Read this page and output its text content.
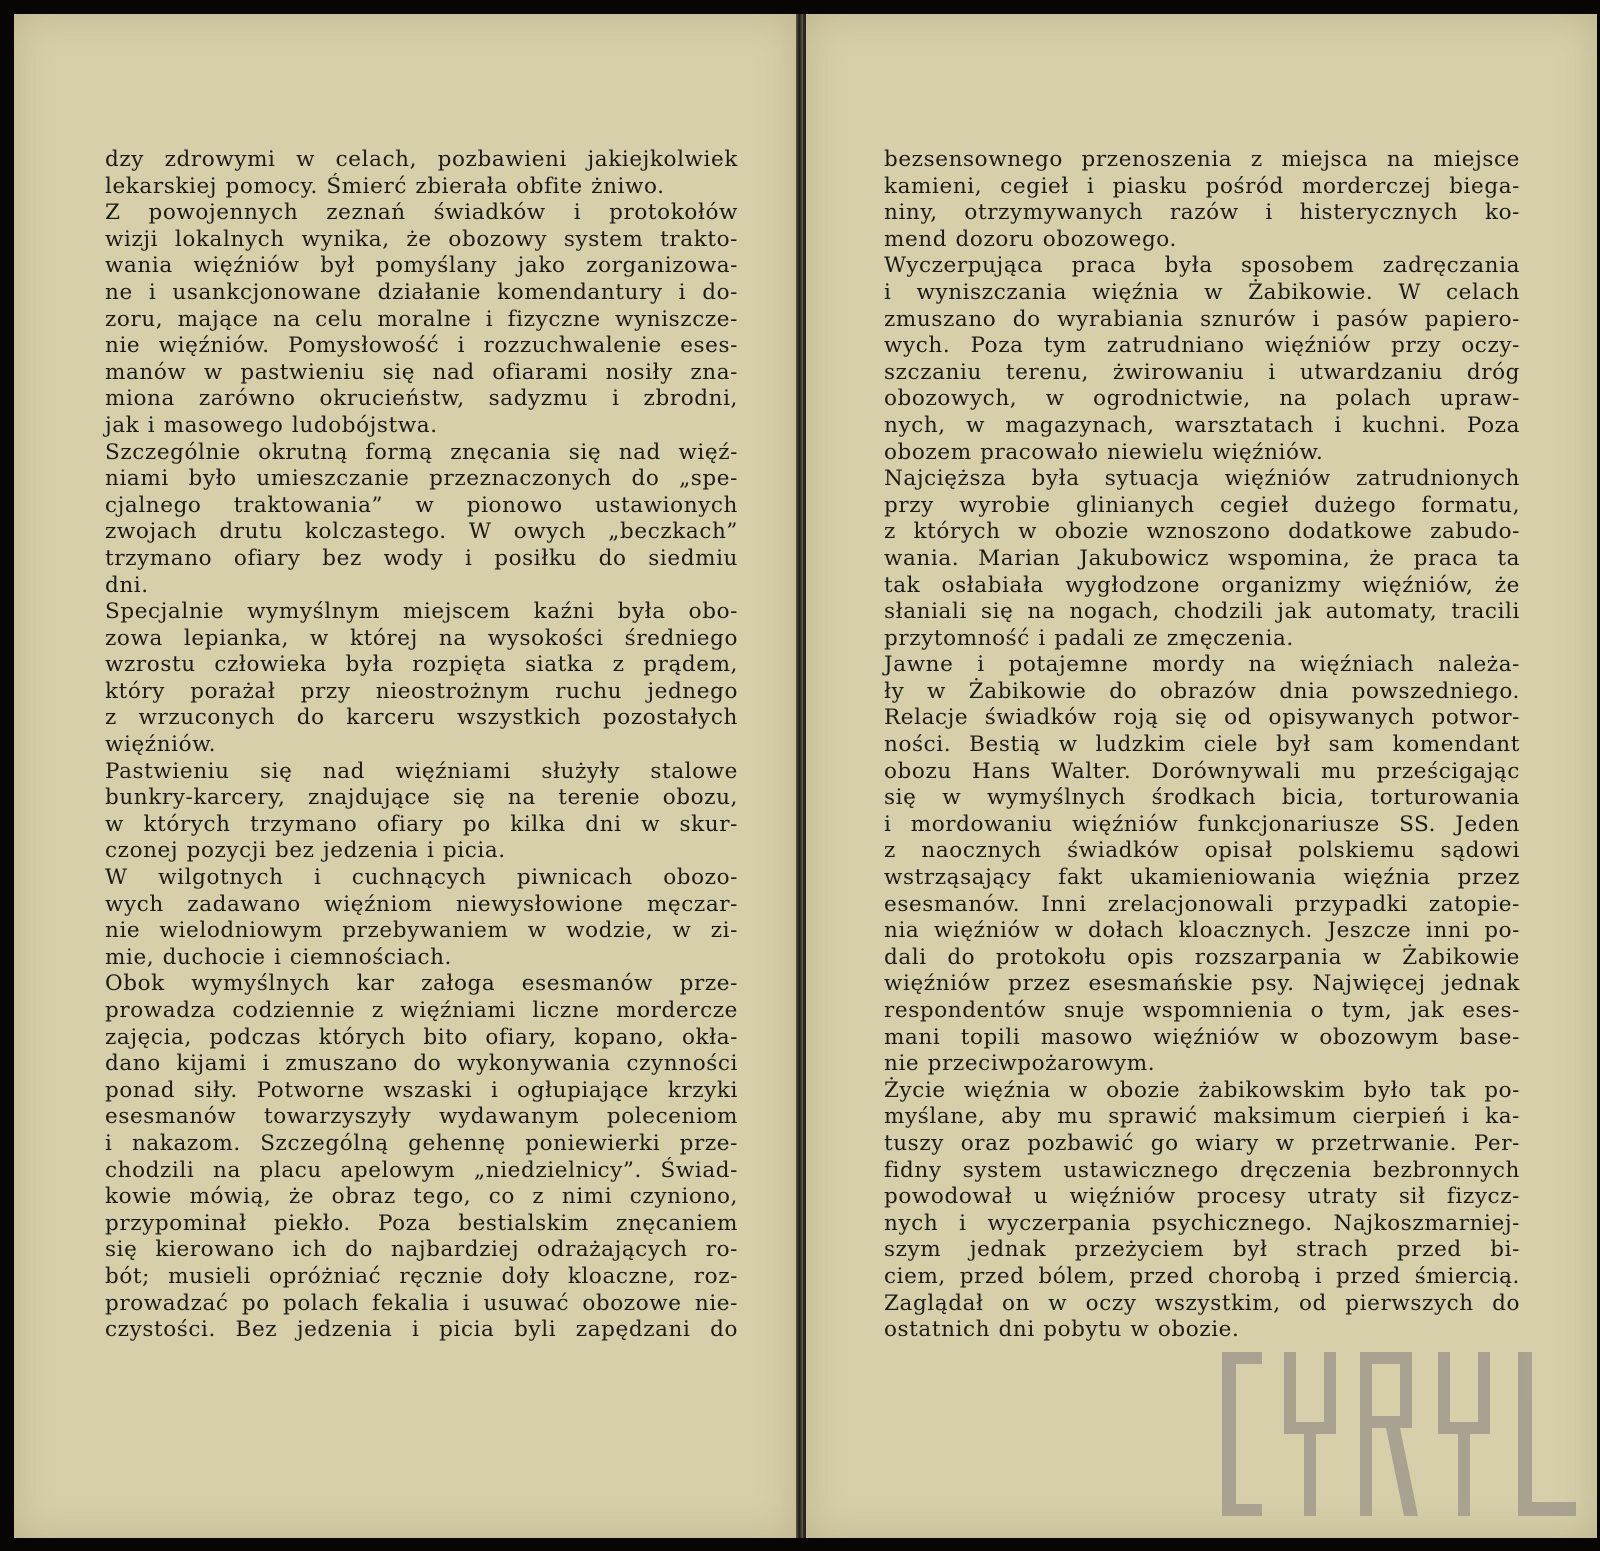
dzy zdrowymi w celach, pozbawieni jakiejkolwiek
lekarskiej pomocy. Śmierć zbierała obfite żniwo.
Z powojennych zeznań świadków i protokołów
wizji lokalnych wynika, że obozowy system trakto-
wania więźniów był pomyślany jako zorganizowa-
ne i usankcjonowane działanie komendantury i do-
zoru, mające na celu moralne i fizyczne wyniszcze-
nie więźniów. Pomysłowość i rozzuchwalenie eses-
manów w pastwieniu się nad ofiarami nosiły zna-
miona zarówno okrucieństw, sadyzmu i zbrodni,
jak i masowego ludobójstwa.
Szczególnie okrutną formą znęcania się nad więź-
niami było umieszczanie przeznaczonych do „spe-
cjalnego traktowania” w pionowo ustawionych
zwojach drutu kolczastego. W owych „beczkach”
trzymano ofiary bez wody i posiłku do siedmiu
dni.
Specjalnie wymyślnym miejscem kaźni była obo-
zowa lepianka, w której na wysokości średniego
wzrostu człowieka była rozpięta siatka z prądem,
który porażał przy nieostrożnym ruchu jednego
z wrzuconych do karceru wszystkich pozostałych
więźniów.
Pastwieniu się nad więźniami służyły stalowe
bunkry-karcery, znajdujące się na terenie obozu,
w których trzymano ofiary po kilka dni w skur-
czonej pozycji bez jedzenia i picia.
W wilgotnych i cuchnących piwnicach obozo-
wych zadawano więźniom niewysłowione męczar-
nie wielodniowym przebywaniem w wodzie, w zi-
mie, duchocie i ciemnościach.
Obok wymyślnych kar załoga esesmanów prze-
prowadza codziennie z więźniami liczne mordercze
zajęcia, podczas których bito ofiary, kopano, okła-
dano kijami i zmuszano do wykonywania czynności
ponad siły. Potworne wszaski i ogłupiające krzyki
esesmanów towarzyszyły wydawanym poleceniom
i nakazom. Szczególną gehennę poniewierki prze-
chodzili na placu apelowym „niedzielnicy”. Świad-
kowie mówią, że obraz tego, co z nimi czyniono,
przypominał piekło. Poza bestialskim znęcaniem
się kierowano ich do najbardziej odrażających ro-
bót; musieli opróżniać ręcznie doły kloaczne, roz-
prowadzać po polach fekalia i usuwać obozowe nie-
czystości. Bez jedzenia i picia byli zapędzani do
bezsensownego przenoszenia z miejsca na miejsce
kamieni, cegieł i piasku pośród morderczej biega-
niny, otrzymywanych razów i histerycznych ko-
mend dozoru obozowego.
Wyczerpująca praca była sposobem zadręczania
i wyniszczania więźnia w Żabikowie. W celach
zmuszano do wyrabiania sznurów i pasów papiero-
wych. Poza tym zatrudniano więźniów przy oczy-
szczaniu terenu, żwirowaniu i utwardzaniu dróg
obozowych, w ogrodnictwie, na polach upraw-
nych, w magazynach, warsztatach i kuchni. Poza
obozem pracowało niewielu więźniów.
Najcięższa była sytuacja więźniów zatrudnionych
przy wyrobie glinianych cegieł dużego formatu,
z których w obozie wznoszono dodatkowe zabudo-
wania. Marian Jakubowicz wspomina, że praca ta
tak osłabiała wygłodzone organizmy więźniów, że
słaniali się na nogach, chodzili jak automaty, tracili
przytomność i padali ze zmęczenia.
Jawne i potajemne mordy na więźniach należa-
ły w Żabikowie do obrazów dnia powszedniego.
Relacje świadków roją się od opisywanych potwor-
ności. Bestią w ludzkim ciele był sam komendant
obozu Hans Walter. Dorównywali mu prześcigając
się w wymyślnych środkach bicia, torturowania
i mordowaniu więźniów funkcjonariusze SS. Jeden
z naocznych świadków opisał polskiemu sądowi
wstrząsający fakt ukamieniowania więźnia przez
esesmanów. Inni zrelacjonowali przypadki zatopie-
nia więźniów w dołach kloacznych. Jeszcze inni po-
dali do protokołu opis rozszarpania w Żabikowie
więźniów przez esesmańskie psy. Najwięcej jednak
respondentów snuje wspomnienia o tym, jak eses-
mani topili masowo więźniów w obozowym base-
nie przeciwpożarowym.
Życie więźnia w obozie żabikowskim było tak po-
myślane, aby mu sprawić maksimum cierpień i ka-
tuszy oraz pozbawić go wiary w przetrwanie. Per-
fidny system ustawicznego dręczenia bezbronnych
powodował u więźniów procesy utraty sił fizycz-
nych i wyczerpania psychicznego. Najkoszmarniej-
szym jednak przeżyciem był strach przed bi-
ciem, przed bólem, przed chorobą i przed śmiercią.
Zaglądał on w oczy wszystkim, od pierwszych do
ostatnich dni pobytu w obozie.
